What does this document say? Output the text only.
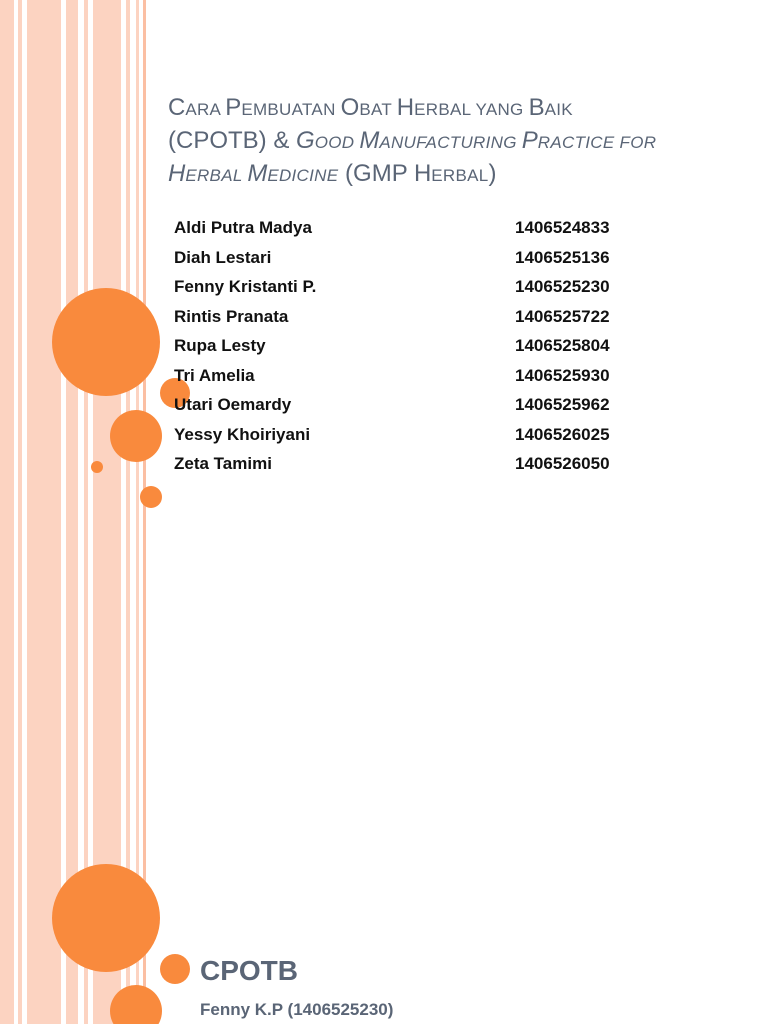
CARA PEMBUATAN OBAT HERBAL YANG BAIK
(CPOTB) & GOOD MANUFACTURING PRACTICE FOR
HERBAL MEDICINE (GMP HERBAL)
Aldi Putra Madya	1406524833
Diah Lestari	1406525136
Fenny Kristanti P.	1406525230
Rintis Pranata	1406525722
Rupa Lesty	1406525804
Tri Amelia	1406525930
Utari Oemardy	1406525962
Yessy Khoiriyani	1406526025
Zeta Tamimi	1406526050
CPOTB
Fenny K.P (1406525230)
